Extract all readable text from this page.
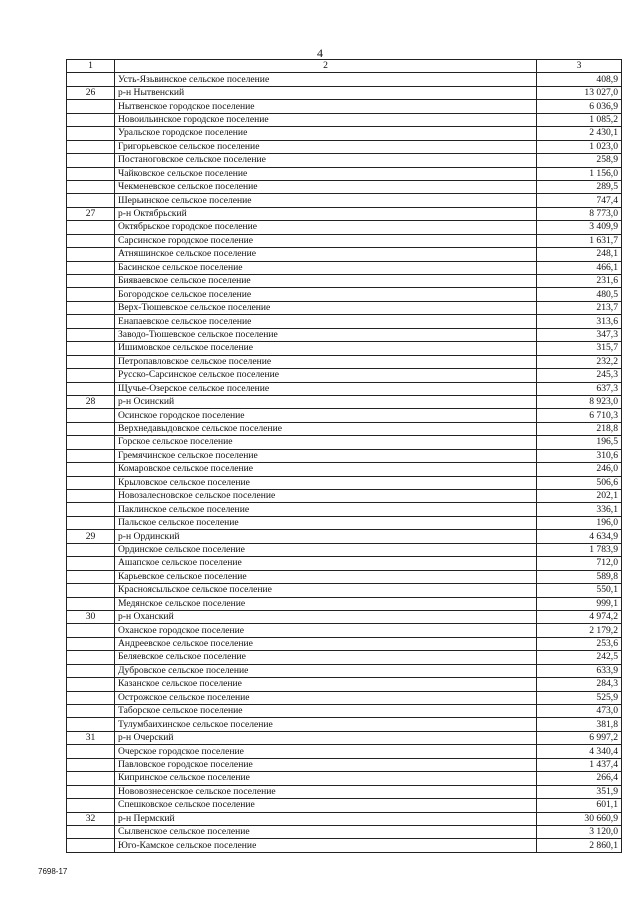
4
1	2	3
	Усть-Язьвинское сельское поселение	408,9
26	р-н Нытвенский	13 027,0
	Нытвенское городское поселение	6 036,9
	Новоильинское городское поселение	1 085,2
	Уральское городское поселение	2 430,1
	Григорьевское сельское поселение	1 023,0
	Постаноговское сельское поселение	258,9
	Чайковское сельское поселение	1 156,0
	Чекменевское сельское поселение	289,5
	Шерьинское сельское поселение	747,4
27	р-н Октябрьский	8 773,0
	Октябрьское городское поселение	3 409,9
	Сарсинское городское поселение	1 631,7
	Атняшинское сельское поселение	248,1
	Басинское сельское поселение	466,1
	Бияваевское сельское поселение	231,6
	Богородское сельское поселение	480,5
	Верх-Тюшевское сельское поселение	213,7
	Енапаевское сельское поселение	313,6
	Заводо-Тюшевское сельское поселение	347,3
	Ишимовское сельское поселение	315,7
	Петропавловское сельское поселение	232,2
	Русско-Сарсинское сельское поселение	245,3
	Щучье-Озерское сельское поселение	637,3
28	р-н Осинский	8 923,0
	Осинское городское поселение	6 710,3
	Верхнедавыдовское сельское поселение	218,8
	Горское сельское поселение	196,5
	Гремячинское сельское поселение	310,6
	Комаровское сельское поселение	246,0
	Крыловское сельское поселение	506,6
	Новозалесновское сельское поселение	202,1
	Паклинское сельское поселение	336,1
	Пальское сельское поселение	196,0
29	р-н Ординский	4 634,9
	Ординское сельское поселение	1 783,9
	Ашапское сельское поселение	712,0
	Карьевское сельское поселение	589,8
	Красноясыльское сельское поселение	550,1
	Медянское сельское поселение	999,1
30	р-н Оханский	4 974,2
	Оханское городское поселение	2 179,2
	Андреевское сельское поселение	253,6
	Беляевское сельское поселение	242,5
	Дубровское сельское поселение	633,9
	Казанское сельское поселение	284,3
	Острожское сельское поселение	525,9
	Таборское сельское поселение	473,0
	Тулумбаихинское сельское поселение	381,8
31	р-н Очерский	6 997,2
	Очерское городское поселение	4 340,4
	Павловское городское поселение	1 437,4
	Кипринское сельское поселение	266,4
	Нововознесенское сельское поселение	351,9
	Спешковское сельское поселение	601,1
32	р-н Пермский	30 660,9
	Сылвенское сельское поселение	3 120,0
	Юго-Камское сельское поселение	2 860,1
7698-17
